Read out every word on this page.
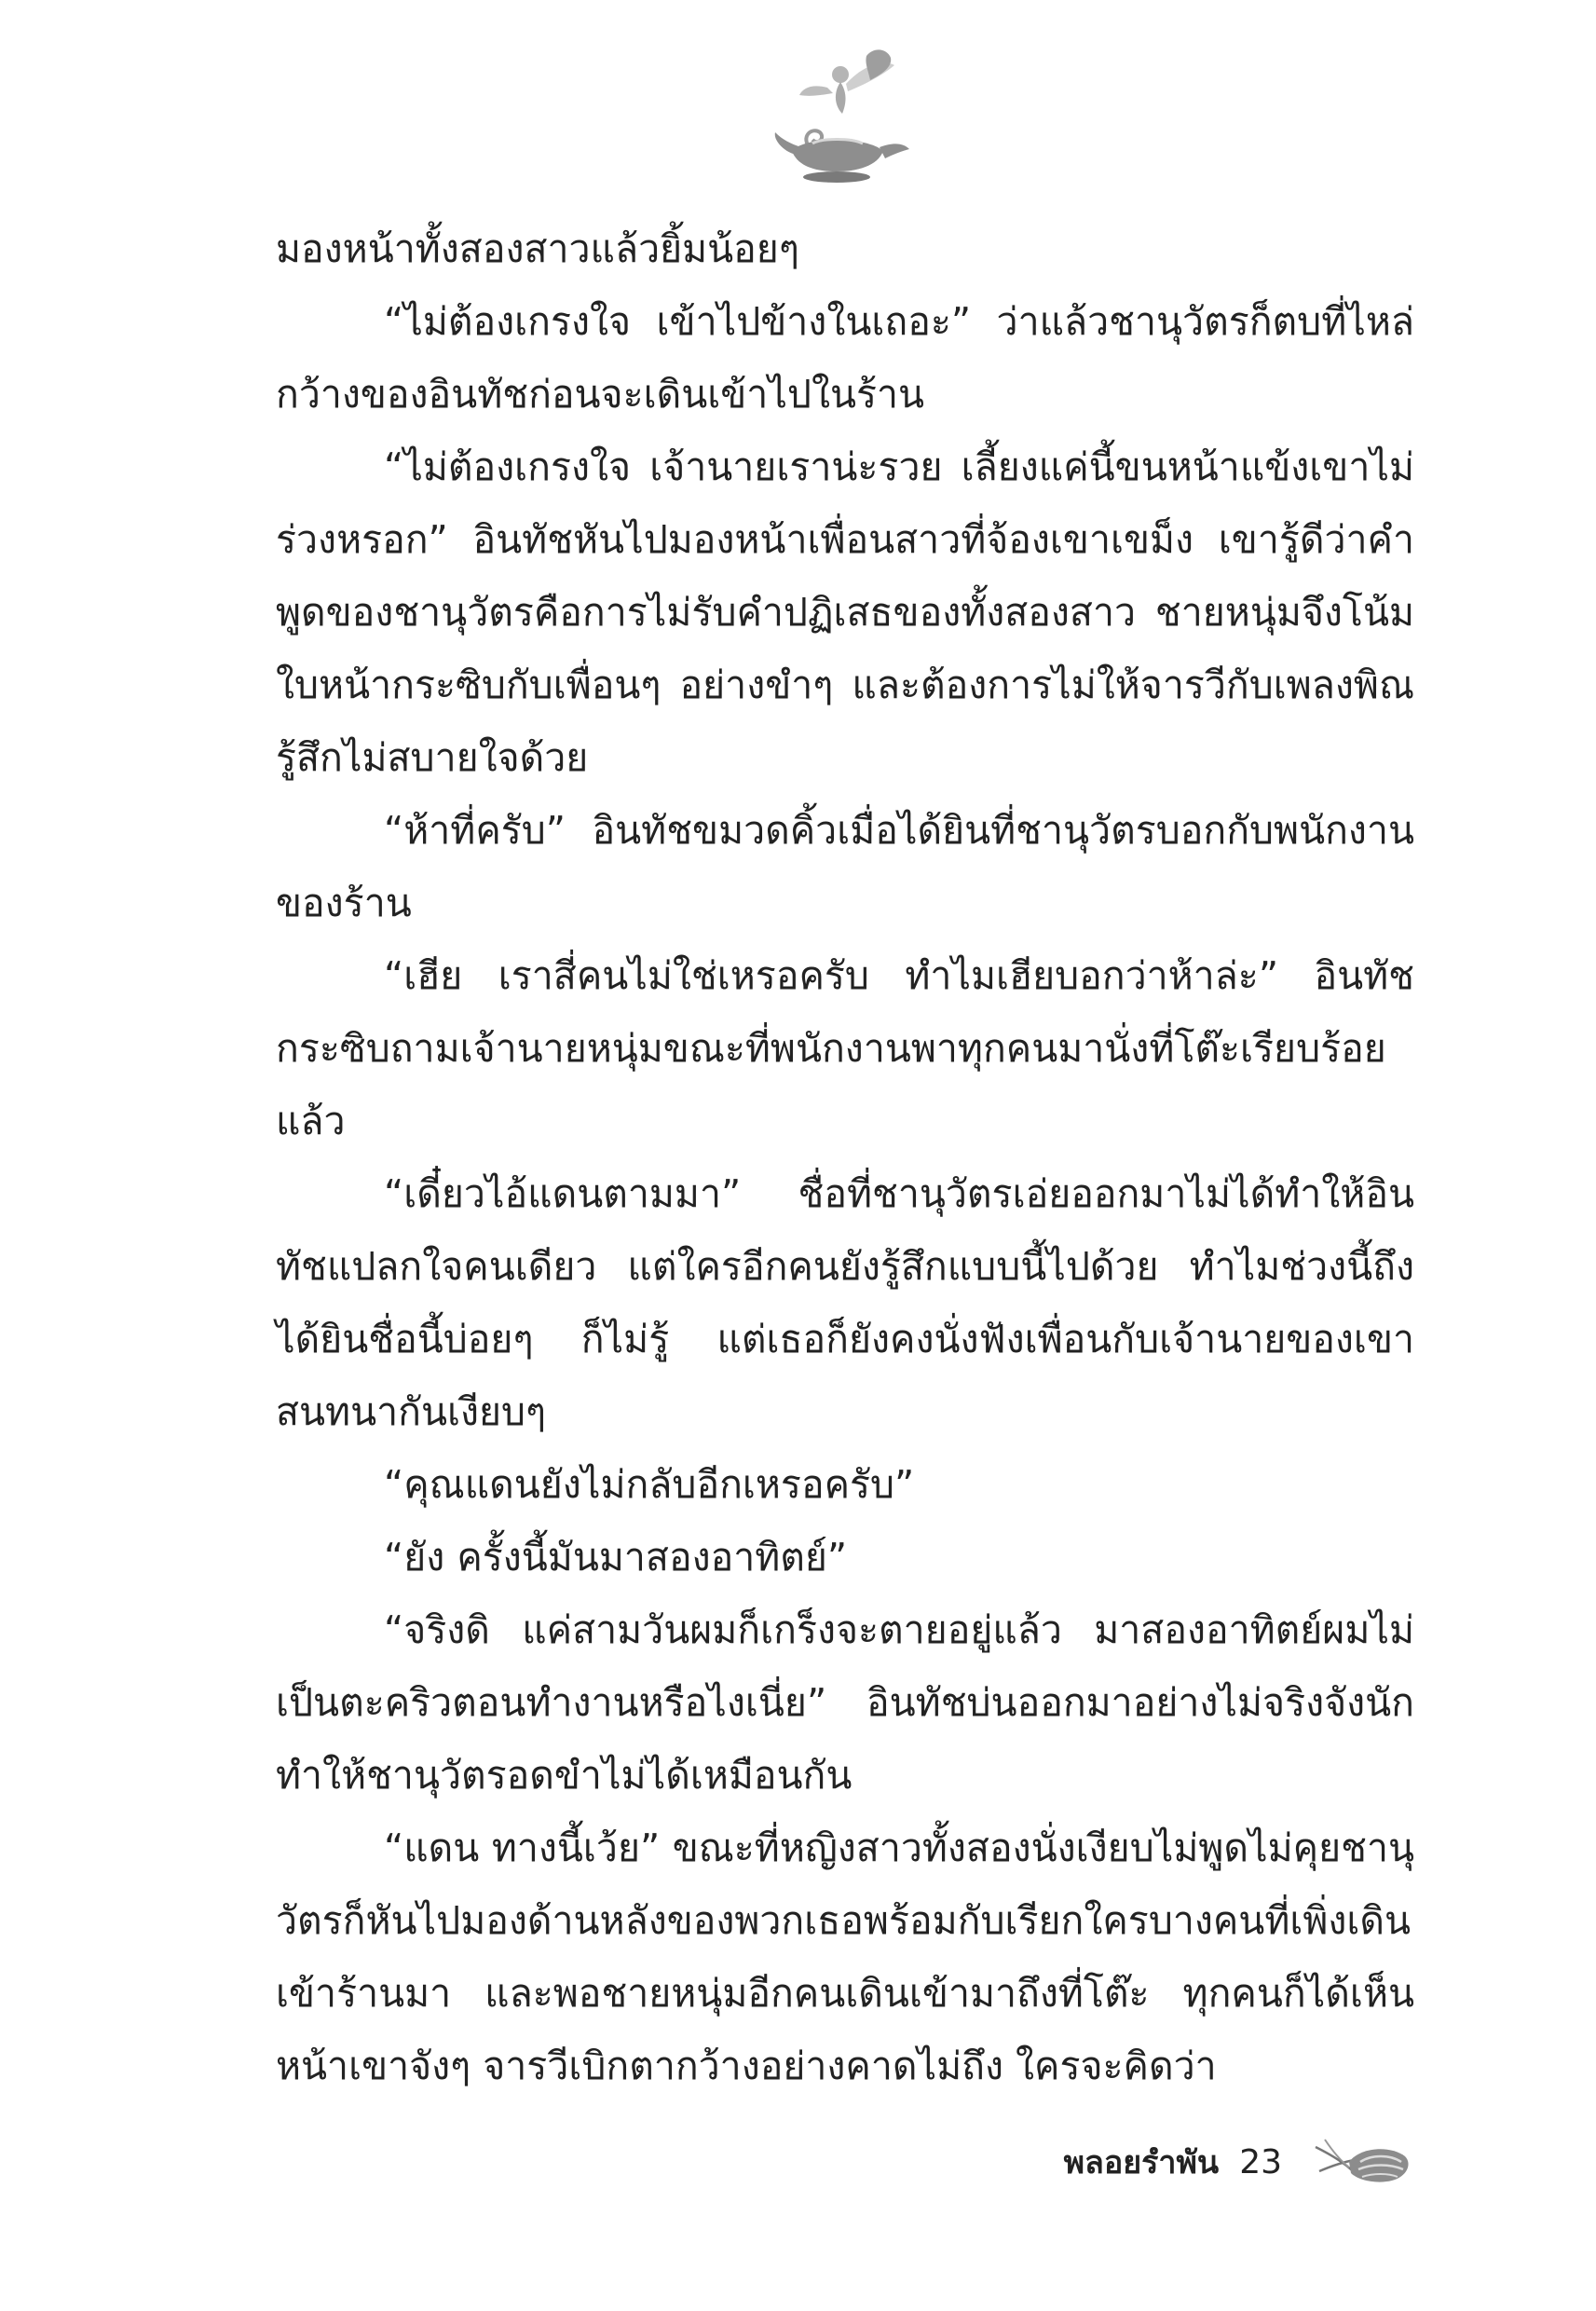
มองหน้าทั้งสองสาวแล้วยิ้มน้อยๆ

“ไม่ต้องเกรงใจ เข้าไปข้างในเถอะ” ว่าแล้วชานุวัตรก็ตบที่ไหล่กว้างของอินทัชก่อนจะเดินเข้าไปในร้าน

“ไม่ต้องเกรงใจ เจ้านายเราน่ะรวย เลี้ยงแค่นี้ขนหน้าแข้งเขาไม่ร่วงหรอก” อินทัชหันไปมองหน้าเพื่อนสาวที่จ้องเขาเขม็ง เขารู้ดีว่าคำพูดของชานุวัตรคือการไม่รับคำปฏิเสธของทั้งสองสาว ชายหนุ่มจึงโน้มใบหน้ากระซิบกับเพื่อนๆ อย่างขำๆ และต้องการไม่ให้จารวีกับเพลงพิณรู้สึกไม่สบายใจด้วย

“ห้าที่ครับ” อินทัชขมวดคิ้วเมื่อได้ยินที่ชานุวัตรบอกกับพนักงานของร้าน

“เฮีย เราสี่คนไม่ใช่เหรอครับ ทำไมเฮียบอกว่าห้าล่ะ” อินทัชกระซิบถามเจ้านายหนุ่มขณะที่พนักงานพาทุกคนมานั่งที่โต๊ะเรียบร้อยแล้ว

“เดี๋ยวไอ้แดนตามมา” ชื่อที่ชานุวัตรเอ่ยออกมาไม่ได้ทำให้อินทัชแปลกใจคนเดียว แต่ใครอีกคนยังรู้สึกแบบนี้ไปด้วย ทำไมช่วงนี้ถึงได้ยินชื่อนี้บ่อยๆ ก็ไม่รู้ แต่เธอก็ยังคงนั่งฟังเพื่อนกับเจ้านายของเขาสนทนากันเงียบๆ

“คุณแดนยังไม่กลับอีกเหรอครับ”

“ยัง ครั้งนี้มันมาสองอาทิตย์”

“จริงดิ แค่สามวันผมก็เกร็งจะตายอยู่แล้ว มาสองอาทิตย์ผมไม่เป็นตะคริวตอนทำงานหรือไงเนี่ย” อินทัชบ่นออกมาอย่างไม่จริงจังนัก ทำให้ชานุวัตรอดขำไม่ได้เหมือนกัน

“แดน ทางนี้เว้ย” ขณะที่หญิงสาวทั้งสองนั่งเงียบไม่พูดไม่คุยชานุวัตรก็หันไปมองด้านหลังของพวกเธอพร้อมกับเรียกใครบางคนที่เพิ่งเดินเข้าร้านมา และพอชายหนุ่มอีกคนเดินเข้ามาถึงที่โต๊ะ ทุกคนก็ได้เห็นหน้าเขาจังๆ จารวีเบิกตากว้างอย่างคาดไม่ถึง ใครจะคิดว่า

พลอยรำพัน 23
